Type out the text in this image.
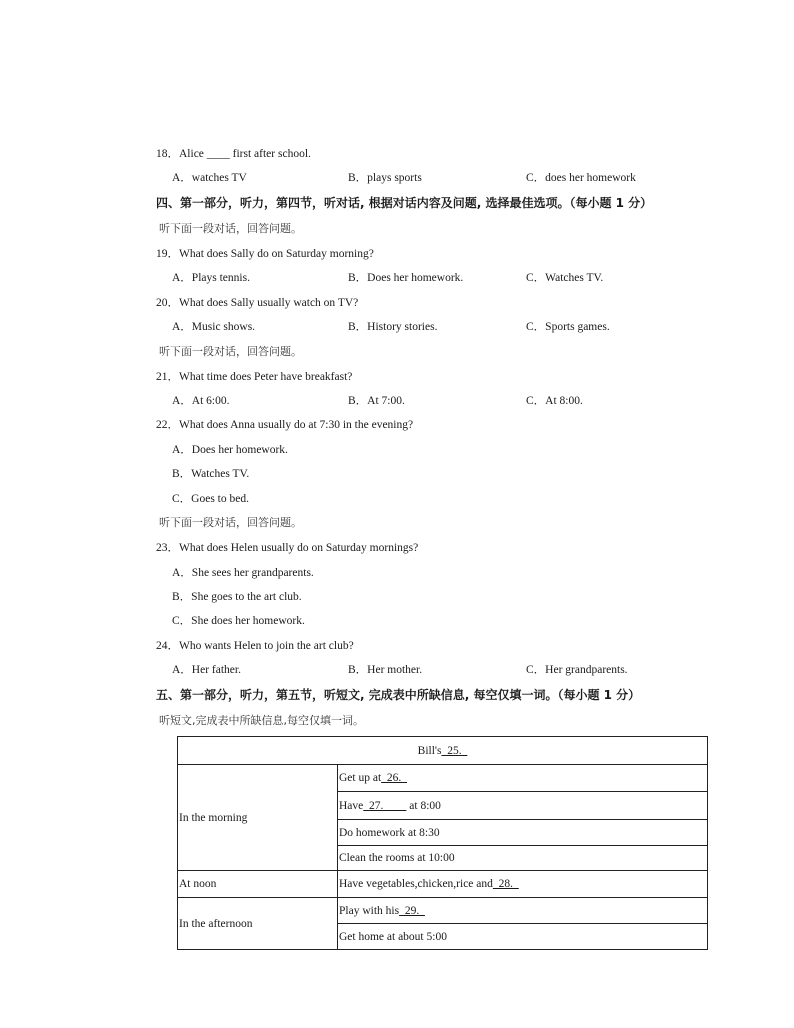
18．Alice ____ first after school.
A．watches TV	B．plays sports	C．does her homework
四、第一部分，听力，第四节，听对话, 根据对话内容及问题, 选择最佳选项。（每小题 1 分）
听下面一段对话，回答问题。
19．What does Sally do on Saturday morning?
A．Plays tennis.	B．Does her homework.	C．Watches TV.
20．What does Sally usually watch on TV?
A．Music shows.	B．History stories.	C．Sports games.
听下面一段对话，回答问题。
21．What time does Peter have breakfast?
A．At 6:00.	B．At 7:00.	C．At 8:00.
22．What does Anna usually do at 7:30 in the evening?
A．Does her homework.
B．Watches TV.
C．Goes to bed.
听下面一段对话，回答问题。
23．What does Helen usually do on Saturday mornings?
A．She sees her grandparents.
B．She goes to the art club.
C．She does her homework.
24．Who wants Helen to join the art club?
A．Her father.	B．Her mother.	C．Her grandparents.
五、第一部分，听力，第五节，听短文, 完成表中所缺信息, 每空仅填一词。（每小题 1 分）
听短文,完成表中所缺信息,每空仅填一词。
Bill's  25.	
In the morning	Get up at  26.
	Have  27.         at 8:00
	Do homework at 8:30
	Clean the rooms at 10:00
At noon	Have vegetables,chicken,rice and  28.
In the afternoon	Play with his  29.
	Get home at about 5:00
